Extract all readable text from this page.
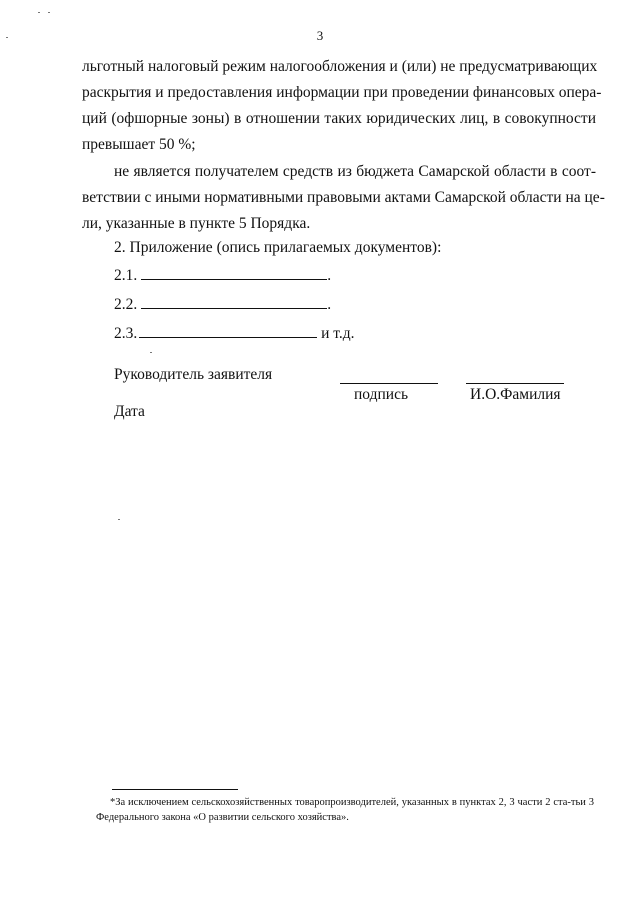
3
льготный налоговый режим налогообложения и (или) не предусматривающих
раскрытия и предоставления информации при проведении финансовых опера-
ций (офшорные зоны) в отношении таких юридических лиц, в совокупности
превышает 50 %;
не является получателем средств из бюджета Самарской области в соот-
ветствии с иными нормативными правовыми актами Самарской области на це-
ли, указанные в пункте 5 Порядка.
2. Приложение (опись прилагаемых документов):
2.1.	.
2.2.	.
2.3.	и т.д.
Руководитель заявителя
подпись	И.О.Фамилия
Дата
*За исключением сельскохозяйственных товаропроизводителей, указанных в пунктах 2, 3 части 2 ста-тьи 3 Федерального закона «О развитии сельского хозяйства».
